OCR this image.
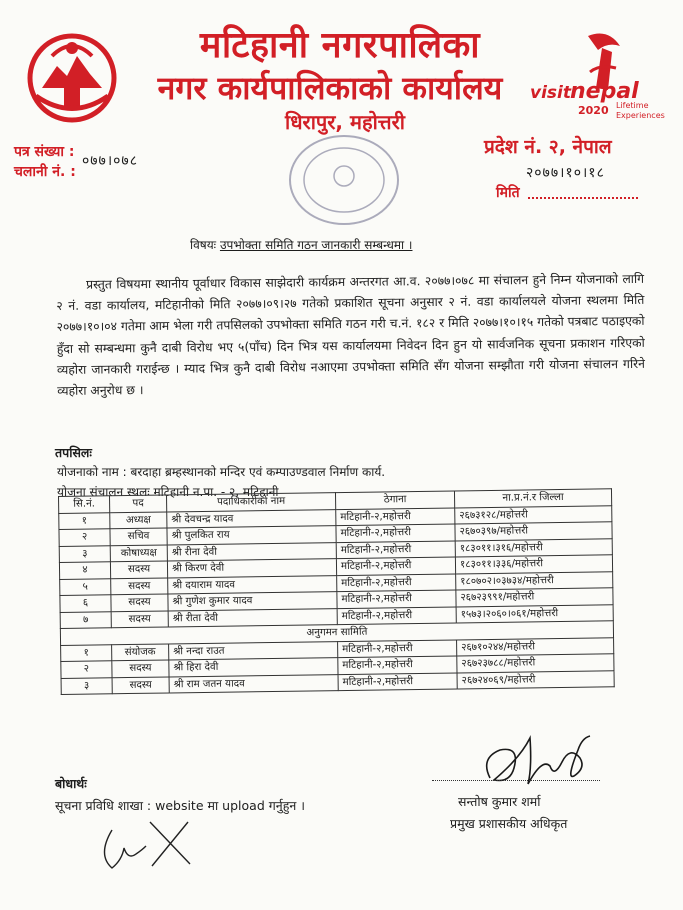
मटिहानी नगरपालिका
नगर कार्यपालिकाको कार्यालय
धिरापुर, महोत्तरी
visit nepal
2020 Lifetime
Experiences
पत्र संख्या :
चलानी नं. :
०७७।०७८
प्रदेश नं. २, नेपाल
२०७७।१०।१८
मिति
विषयः उपभोक्ता समिति गठन जानकारी सम्बन्धमा ।
प्रस्तुत विषयमा स्थानीय पूर्वाधार विकास साझेदारी कार्यक्रम अन्तरगत आ.व. २०७७।०७८ मा संचालन हुने निम्न योजनाको लागि २ नं. वडा कार्यालय, मटिहानीको मिति २०७७।०९।२७ गतेको प्रकाशित सूचना अनुसार २ नं. वडा कार्यालयले योजना स्थलमा मिति २०७७।१०।०४ गतेमा आम भेला गरी तपसिलको उपभोक्ता समिति गठन गरी च.नं. १८२ र मिति २०७७।१०।१५ गतेको पत्रबाट पठाइएको हुँदा सो सम्बन्धमा कुनै दाबी विरोध भए ५(पाँच) दिन भित्र यस कार्यालयमा निवेदन दिन हुन यो सार्वजनिक सूचना प्रकाशन गरिएको व्यहोरा जानकारी गराईन्छ । म्याद भित्र कुनै दाबी विरोध नआएमा उपभोक्ता समिति सँग योजना सम्झौता गरी योजना संचालन गरिने व्यहोरा अनुरोध छ ।
तपसिलः
योजनाको नाम : बरदाहा ब्रम्हस्थानको मन्दिर एवं कम्पाउण्डवाल निर्माण कार्य.
योजना संचालन स्थलः मटिहानी न.पा. - २, मटिहानी
सि.नं.	पद	पदाधिकारीको नाम	ठेगाना	ना.प्र.नं.र जिल्ला
१	अध्यक्ष	श्री देवचन्द्र यादव	मटिहानी-२,महोत्तरी	२६७३१२८/महोत्तरी
२	सचिव	श्री पुलकित राय	मटिहानी-२,महोत्तरी	२६७०३९७/महोत्तरी
३	कोषाध्यक्ष	श्री रीना देवी	मटिहानी-२,महोत्तरी	१८३०११।३१६/महोत्तरी
४	सदस्य	श्री किरण देवी	मटिहानी-२,महोत्तरी	१८३०११।३३६/महोत्तरी
५	सदस्य	श्री दयाराम यादव	मटिहानी-२,महोत्तरी	१८०७०२।०३७३४/महोत्तरी
६	सदस्य	श्री गुणेश कुमार यादव	मटिहानी-२,महोत्तरी	२६७२३९९१/महोत्तरी
७	सदस्य	श्री रीता देवी	मटिहानी-२,महोत्तरी	१५७३।२०६०।०६१/महोत्तरी
अनुगमन सामिति				
१	संयोजक	श्री नन्दा राउत	मटिहानी-२,महोत्तरी	२६७१०२४४/महोत्तरी
२	सदस्य	श्री हिरा देवी	मटिहानी-२,महोत्तरी	२६७२३७८८/महोत्तरी
३	सदस्य	श्री राम जतन यादव	मटिहानी-२,महोत्तरी	२६७२४०६९/महोत्तरी
बोधार्थः
सूचना प्रविधि शाखा : website मा upload गर्नुहुन ।	सन्तोष कुमार शर्मा
प्रमुख प्रशासकीय अधिकृत
